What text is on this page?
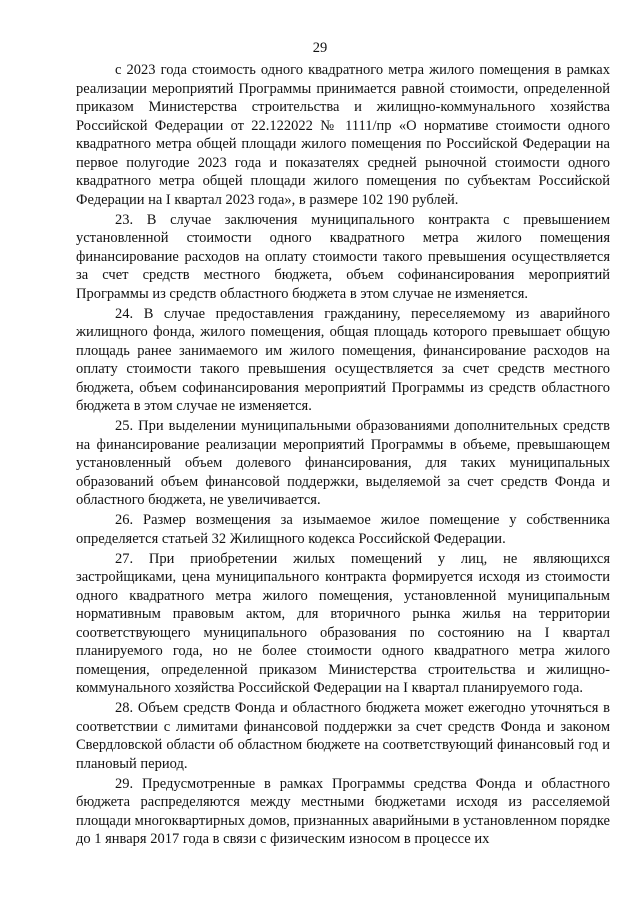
29

с 2023 года стоимость одного квадратного метра жилого помещения в рамках реализации мероприятий Программы принимается равной стоимости, определенной приказом Министерства строительства и жилищно-коммунального хозяйства Российской Федерации от 22.122022 № 1111/пр «О нормативе стоимости одного квадратного метра общей площади жилого помещения по Российской Федерации на первое полугодие 2023 года и показателях средней рыночной стоимости одного квадратного метра общей площади жилого помещения по субъектам Российской Федерации на I квартал 2023 года», в размере 102 190 рублей.

23. В случае заключения муниципального контракта с превышением установленной стоимости одного квадратного метра жилого помещения финансирование расходов на оплату стоимости такого превышения осуществляется за счет средств местного бюджета, объем софинансирования мероприятий Программы из средств областного бюджета в этом случае не изменяется.

24. В случае предоставления гражданину, переселяемому из аварийного жилищного фонда, жилого помещения, общая площадь которого превышает общую площадь ранее занимаемого им жилого помещения, финансирование расходов на оплату стоимости такого превышения осуществляется за счет средств местного бюджета, объем софинансирования мероприятий Программы из средств областного бюджета в этом случае не изменяется.

25. При выделении муниципальными образованиями дополнительных средств на финансирование реализации мероприятий Программы в объеме, превышающем установленный объем долевого финансирования, для таких муниципальных образований объем финансовой поддержки, выделяемой за счет средств Фонда и областного бюджета, не увеличивается.

26. Размер возмещения за изымаемое жилое помещение у собственника определяется статьей 32 Жилищного кодекса Российской Федерации.

27. При приобретении жилых помещений у лиц, не являющихся застройщиками, цена муниципального контракта формируется исходя из стоимости одного квадратного метра жилого помещения, установленной муниципальным нормативным правовым актом, для вторичного рынка жилья на территории соответствующего муниципального образования по состоянию на I квартал планируемого года, но не более стоимости одного квадратного метра жилого помещения, определенной приказом Министерства строительства и жилищно-коммунального хозяйства Российской Федерации на I квартал планируемого года.

28. Объем средств Фонда и областного бюджета может ежегодно уточняться в соответствии с лимитами финансовой поддержки за счет средств Фонда и законом Свердловской области об областном бюджете на соответствующий финансовый год и плановый период.

29. Предусмотренные в рамках Программы средства Фонда и областного бюджета распределяются между местными бюджетами исходя из расселяемой площади многоквартирных домов, признанных аварийными в установленном порядке до 1 января 2017 года в связи с физическим износом в процессе их
